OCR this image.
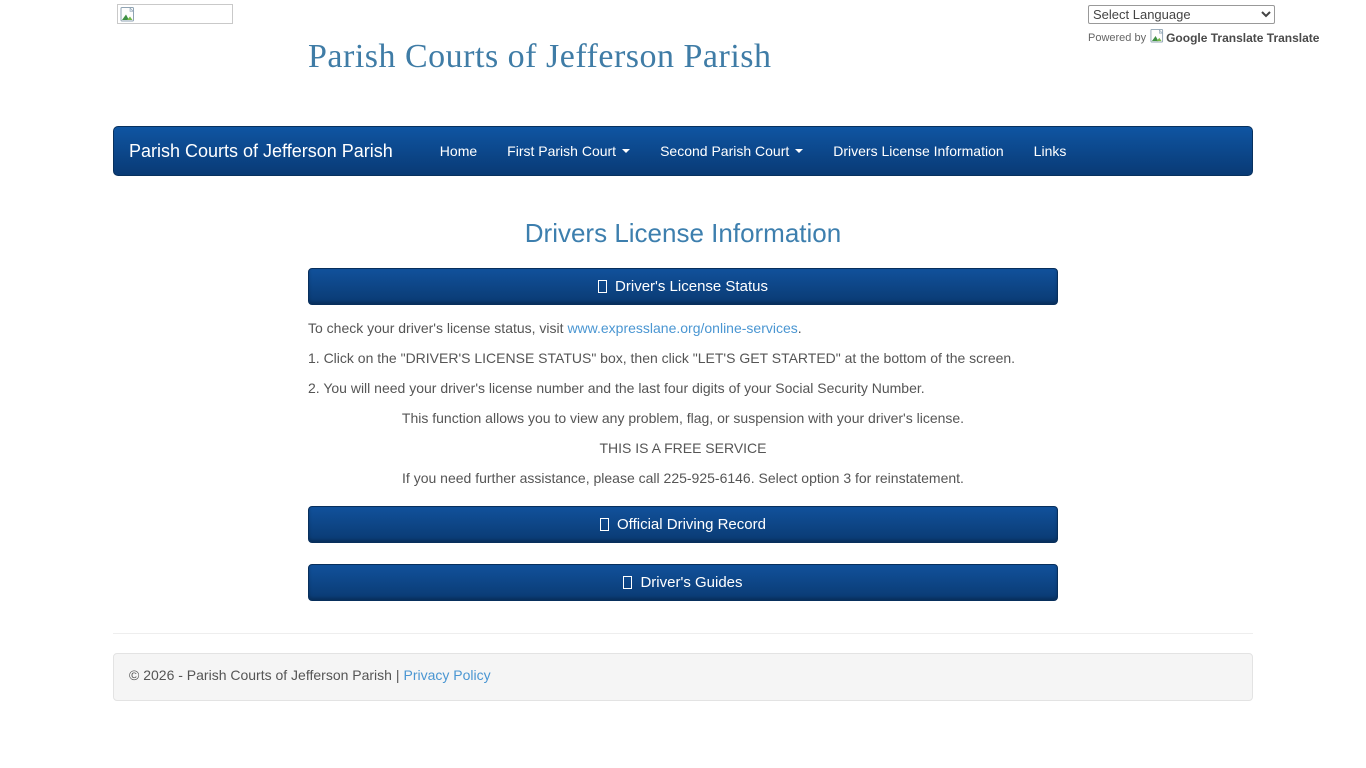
Parish Courts of Jefferson Parish
Select Language
Powered by Google Translate Translate
Parish Courts of Jefferson Parish	Home First Parish Court	Second Parish Court	Drivers License Information Links
Drivers License Information
Driver's License Status

To check your driver's license status, visit www.expresslane.org/online-services.

1. Click on the "DRIVER'S LICENSE STATUS" box, then click "LET'S GET STARTED" at the bottom of the screen.

2. You will need your driver's license number and the last four digits of your Social Security Number.

This function allows you to view any problem, flag, or suspension with your driver's license.

THIS IS A FREE SERVICE

If you need further assistance, please call 225-925-6146. Select option 3 for reinstatement.

Official Driving Record
Driver's Guides
© 2026 - Parish Courts of Jefferson Parish | Privacy Policy
